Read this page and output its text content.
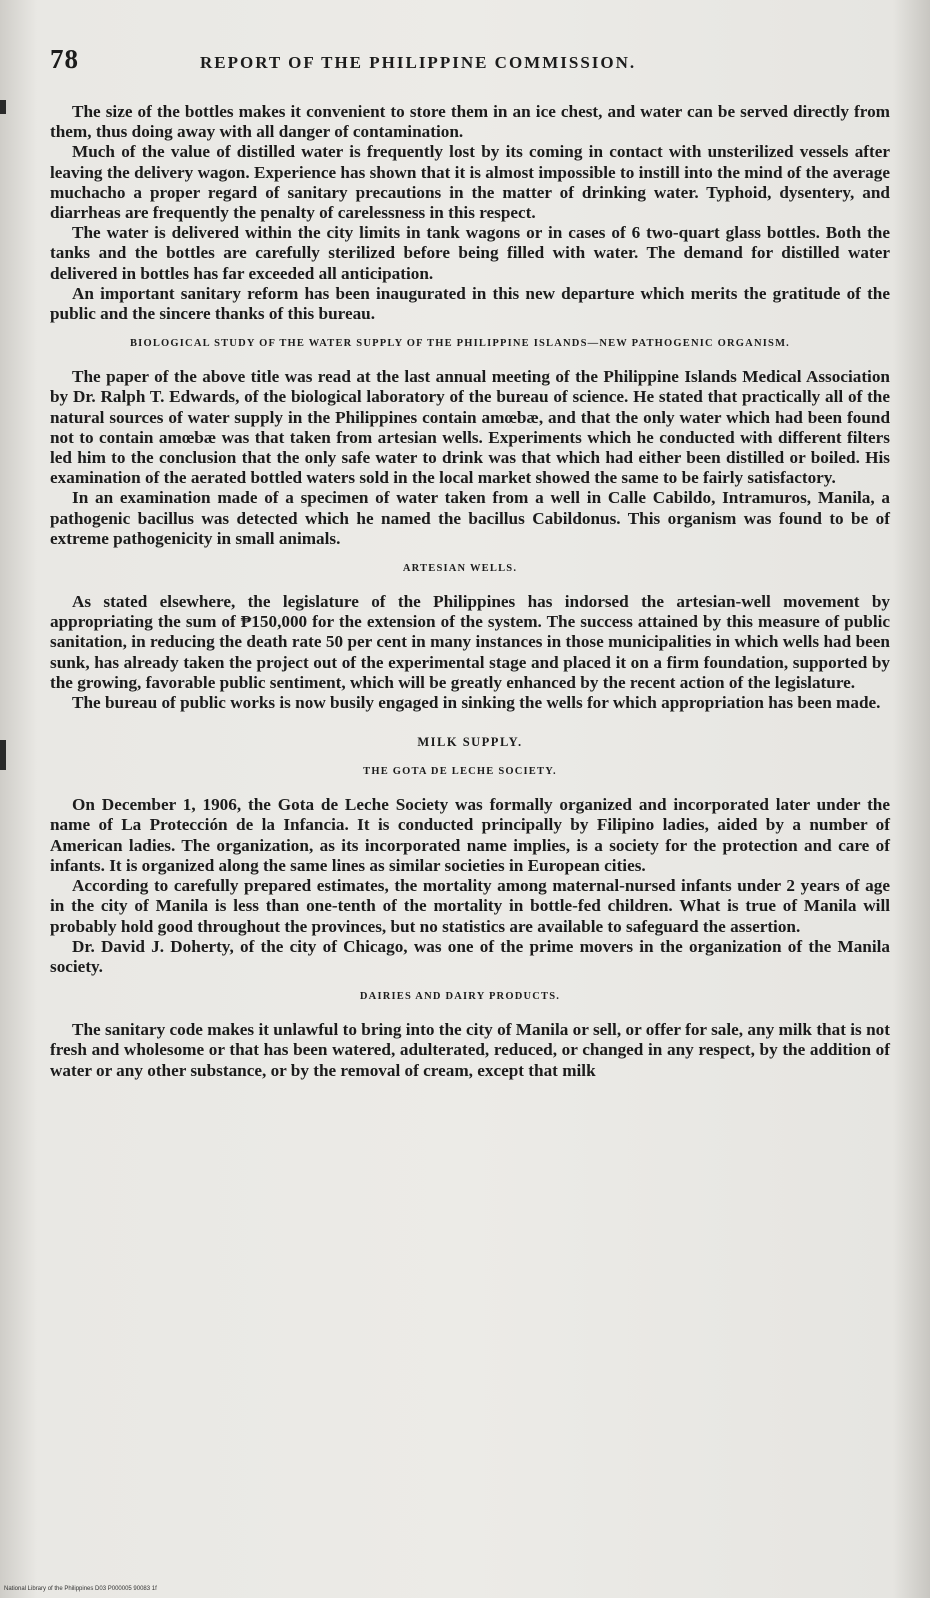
78	REPORT OF THE PHILIPPINE COMMISSION.

The size of the bottles makes it convenient to store them in an ice chest, and water can be served directly from them, thus doing away with all danger of contamination.

Much of the value of distilled water is frequently lost by its coming in contact with unsterilized vessels after leaving the delivery wagon. Experience has shown that it is almost impossible to instill into the mind of the average muchacho a proper regard of sanitary precautions in the matter of drinking water. Typhoid, dysentery, and diarrheas are frequently the penalty of carelessness in this respect.

The water is delivered within the city limits in tank wagons or in cases of 6 two-quart glass bottles. Both the tanks and the bottles are carefully sterilized before being filled with water. The demand for distilled water delivered in bottles has far exceeded all anticipation.

An important sanitary reform has been inaugurated in this new departure which merits the gratitude of the public and the sincere thanks of this bureau.

BIOLOGICAL STUDY OF THE WATER SUPPLY OF THE PHILIPPINE ISLANDS—NEW PATHOGENIC ORGANISM.

The paper of the above title was read at the last annual meeting of the Philippine Islands Medical Association by Dr. Ralph T. Edwards, of the biological laboratory of the bureau of science. He stated that practically all of the natural sources of water supply in the Philippines contain amœbæ, and that the only water which had been found not to contain amœbæ was that taken from artesian wells. Experiments which he conducted with different filters led him to the conclusion that the only safe water to drink was that which had either been distilled or boiled. His examination of the aerated bottled waters sold in the local market showed the same to be fairly satisfactory.

In an examination made of a specimen of water taken from a well in Calle Cabildo, Intramuros, Manila, a pathogenic bacillus was detected which he named the bacillus Cabildonus. This organism was found to be of extreme pathogenicity in small animals.

ARTESIAN WELLS.

As stated elsewhere, the legislature of the Philippines has indorsed the artesian-well movement by appropriating the sum of ₱150,000 for the extension of the system. The success attained by this measure of public sanitation, in reducing the death rate 50 per cent in many instances in those municipalities in which wells had been sunk, has already taken the project out of the experimental stage and placed it on a firm foundation, supported by the growing, favorable public sentiment, which will be greatly enhanced by the recent action of the legislature.

The bureau of public works is now busily engaged in sinking the wells for which appropriation has been made.

MILK SUPPLY.
THE GOTA DE LECHE SOCIETY.

On December 1, 1906, the Gota de Leche Society was formally organized and incorporated later under the name of La Protección de la Infancia. It is conducted principally by Filipino ladies, aided by a number of American ladies. The organization, as its incorporated name implies, is a society for the protection and care of infants. It is organized along the same lines as similar societies in European cities.

According to carefully prepared estimates, the mortality among maternal-nursed infants under 2 years of age in the city of Manila is less than one-tenth of the mortality in bottle-fed children. What is true of Manila will probably hold good throughout the provinces, but no statistics are available to safeguard the assertion.

Dr. David J. Doherty, of the city of Chicago, was one of the prime movers in the organization of the Manila society.

DAIRIES AND DAIRY PRODUCTS.

The sanitary code makes it unlawful to bring into the city of Manila or sell, or offer for sale, any milk that is not fresh and wholesome or that has been watered, adulterated, reduced, or changed in any respect, by the addition of water or any other substance, or by the removal of cream, except that milk

National Library of the Philippines D03 P000005 90083 1f
